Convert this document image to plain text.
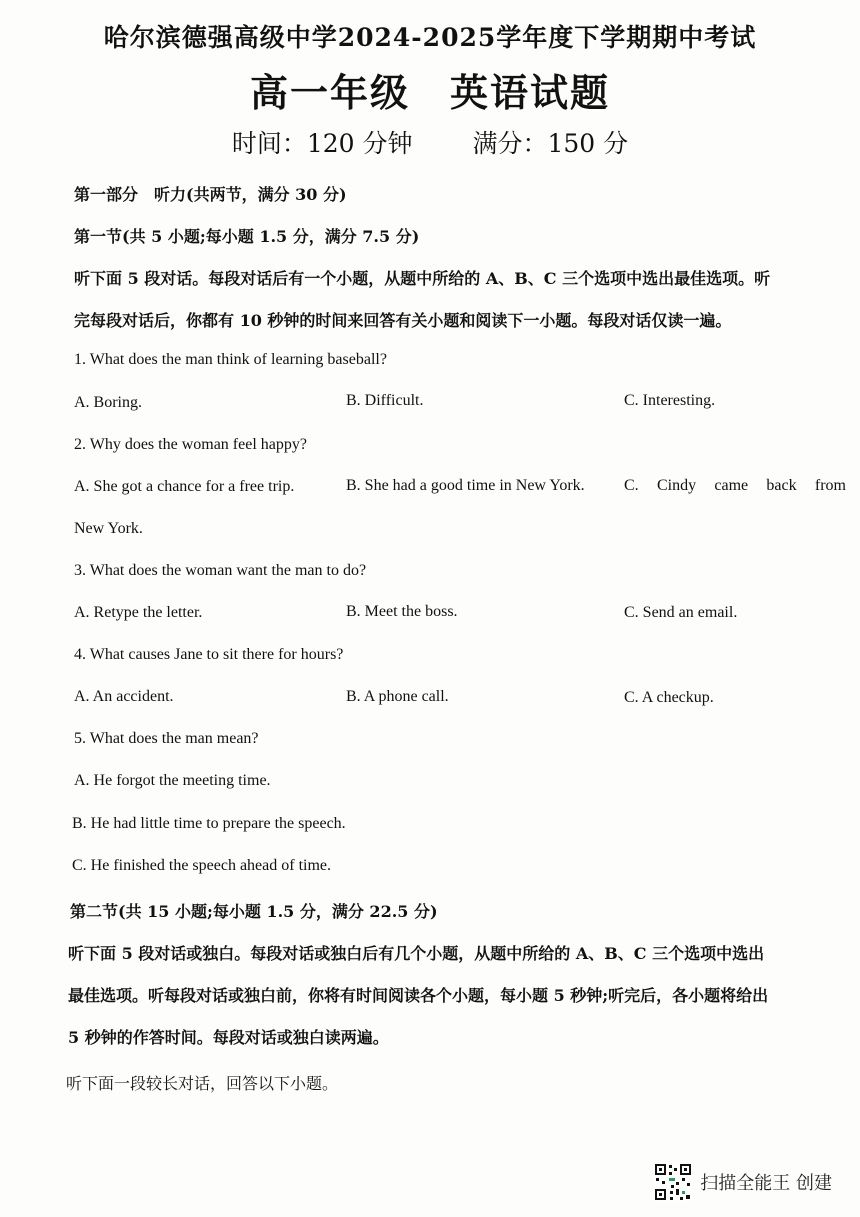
哈尔滨德强高级中学2024-2025学年度下学期期中考试
高一年级 英语试题
时间：120 分钟 满分：150 分
第一部分　听力(共两节，满分 30 分)
第一节(共 5 小题;每小题 1.5 分，满分 7.5 分)
听下面 5 段对话。每段对话后有一个小题，从题中所给的 A、B、C 三个选项中选出最佳选项。听
完每段对话后，你都有 10 秒钟的时间来回答有关小题和阅读下一小题。每段对话仅读一遍。
1. What does the man think of learning baseball?
A. Boring.	B. Difficult.	C. Interesting.
2. Why does the woman feel happy?
A. She got a chance for a free trip.	B. She had a good time in New York. C. Cindy came back from
New York.
3. What does the woman want the man to do?
A. Retype the letter.	B. Meet the boss.	C. Send an email.
4. What causes Jane to sit there for hours?
A. An accident.	B. A phone call.	C. A checkup.
5. What does the man mean?
A. He forgot the meeting time.
B. He had little time to prepare the speech.
C. He finished the speech ahead of time.
第二节(共 15 小题;每小题 1.5 分，满分 22.5 分)
听下面 5 段对话或独白。每段对话或独白后有几个小题，从题中所给的 A、B、C 三个选项中选出
最佳选项。听每段对话或独白前，你将有时间阅读各个小题，每小题 5 秒钟;听完后，各小题将给出
5 秒钟的作答时间。每段对话或独白读两遍。
听下面一段较长对话，回答以下小题。
扫描全能王 创建
